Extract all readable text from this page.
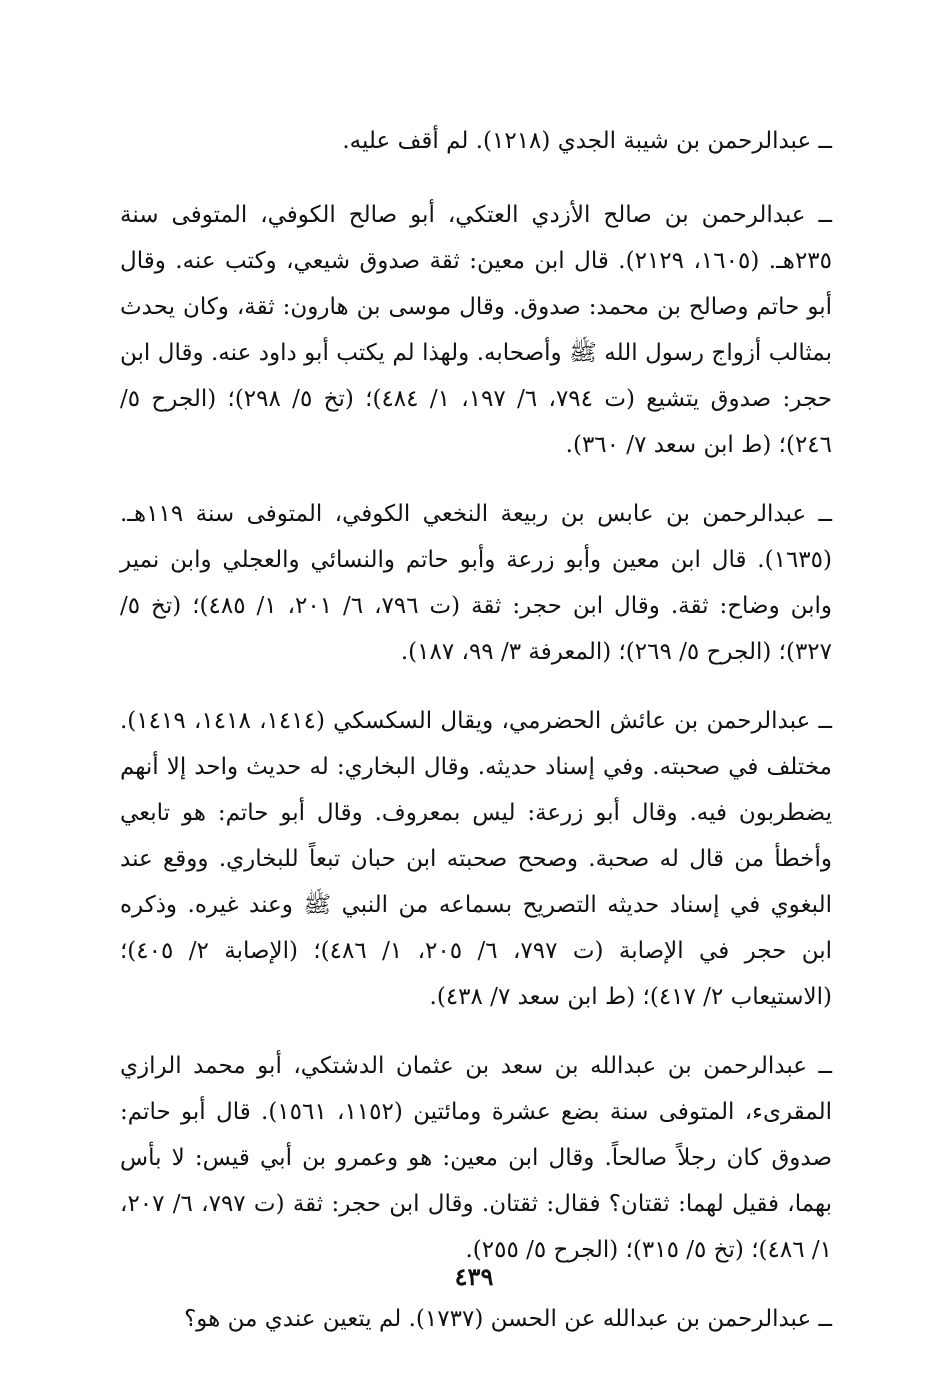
ــ عبدالرحمن بن شيبة الجدي (١٢١٨). لم أقف عليه.

ــ عبدالرحمن بن صالح الأزدي العتكي، أبو صالح الكوفي، المتوفى سنة ٢٣٥هـ. (١٦٠٥، ٢١٢٩). قال ابن معين: ثقة صدوق شيعي، وكتب عنه. وقال أبو حاتم وصالح بن محمد: صدوق. وقال موسى بن هارون: ثقة، وكان يحدث بمثالب أزواج رسول الله ﷺ وأصحابه. ولهذا لم يكتب أبو داود عنه. وقال ابن حجر: صدوق يتشيع (ت ٧٩٤، ٦/ ١٩٧، ١/ ٤٨٤)؛ (تخ ٥/ ٢٩٨)؛ (الجرح ٥/ ٢٤٦)؛ (ط ابن سعد ٧/ ٣٦٠).

ــ عبدالرحمن بن عابس بن ربيعة النخعي الكوفي، المتوفى سنة ١١٩هـ. (١٦٣٥). قال ابن معين وأبو زرعة وأبو حاتم والنسائي والعجلي وابن نمير وابن وضاح: ثقة. وقال ابن حجر: ثقة (ت ٧٩٦، ٦/ ٢٠١، ١/ ٤٨٥)؛ (تخ ٥/ ٣٢٧)؛ (الجرح ٥/ ٢٦٩)؛ (المعرفة ٣/ ٩٩، ١٨٧).

ــ عبدالرحمن بن عائش الحضرمي، ويقال السكسكي (١٤١٤، ١٤١٨، ١٤١٩). مختلف في صحبته. وفي إسناد حديثه. وقال البخاري: له حديث واحد إلا أنهم يضطربون فيه. وقال أبو زرعة: ليس بمعروف. وقال أبو حاتم: هو تابعي وأخطأ من قال له صحبة. وصحح صحبته ابن حبان تبعاً للبخاري. ووقع عند البغوي في إسناد حديثه التصريح بسماعه من النبي ﷺ وعند غيره. وذكره ابن حجر في الإصابة (ت ٧٩٧، ٦/ ٢٠٥، ١/ ٤٨٦)؛ (الإصابة ٢/ ٤٠٥)؛ (الاستيعاب ٢/ ٤١٧)؛ (ط ابن سعد ٧/ ٤٣٨).

ــ عبدالرحمن بن عبدالله بن سعد بن عثمان الدشتكي، أبو محمد الرازي المقرىء، المتوفى سنة بضع عشرة ومائتين (١١٥٢، ١٥٦١). قال أبو حاتم: صدوق كان رجلاً صالحاً. وقال ابن معين: هو وعمرو بن أبي قيس: لا بأس بهما، فقيل لهما: ثقتان؟ فقال: ثقتان. وقال ابن حجر: ثقة (ت ٧٩٧، ٦/ ٢٠٧، ١/ ٤٨٦)؛ (تخ ٥/ ٣١٥)؛ (الجرح ٥/ ٢٥٥).

ــ عبدالرحمن بن عبدالله عن الحسن (١٧٣٧). لم يتعين عندي من هو؟

٤٣٩
